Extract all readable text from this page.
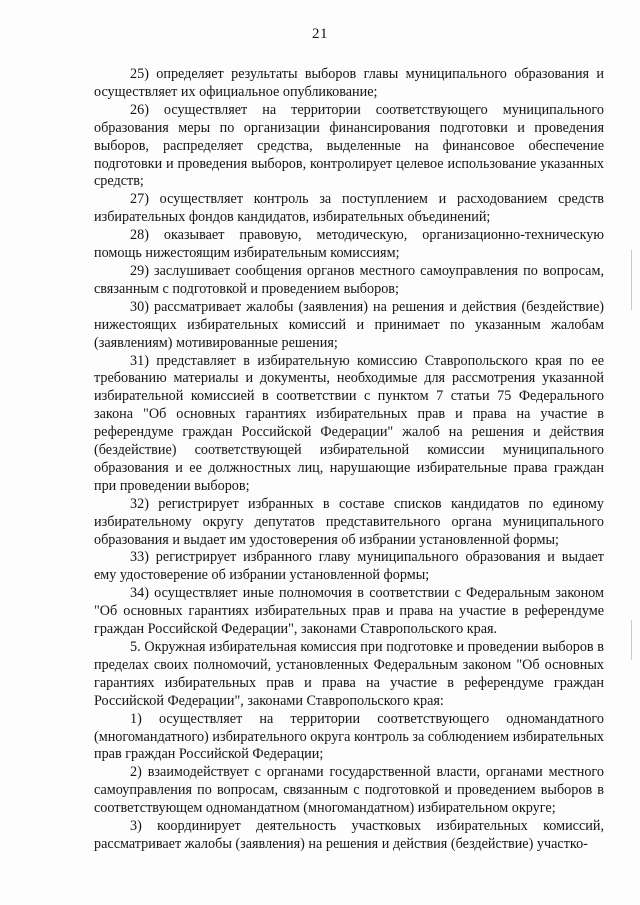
21

25) определяет результаты выборов главы муниципального образования и осуществляет их официальное опубликование;

26) осуществляет на территории соответствующего муниципального образования меры по организации финансирования подготовки и проведения выборов, распределяет средства, выделенные на финансовое обеспечение подготовки и проведения выборов, контролирует целевое использование указанных средств;

27) осуществляет контроль за поступлением и расходованием средств избирательных фондов кандидатов, избирательных объединений;

28) оказывает правовую, методическую, организационно-техническую помощь нижестоящим избирательным комиссиям;

29) заслушивает сообщения органов местного самоуправления по вопросам, связанным с подготовкой и проведением выборов;

30) рассматривает жалобы (заявления) на решения и действия (бездействие) нижестоящих избирательных комиссий и принимает по указанным жалобам (заявлениям) мотивированные решения;

31) представляет в избирательную комиссию Ставропольского края по ее требованию материалы и документы, необходимые для рассмотрения указанной избирательной комиссией в соответствии с пунктом 7 статьи 75 Федерального закона "Об основных гарантиях избирательных прав и права на участие в референдуме граждан Российской Федерации" жалоб на решения и действия (бездействие) соответствующей избирательной комиссии муниципального образования и ее должностных лиц, нарушающие избирательные права граждан при проведении выборов;

32) регистрирует избранных в составе списков кандидатов по единому избирательному округу депутатов представительного органа муниципального образования и выдает им удостоверения об избрании установленной формы;

33) регистрирует избранного главу муниципального образования и выдает ему удостоверение об избрании установленной формы;

34) осуществляет иные полномочия в соответствии с Федеральным законом "Об основных гарантиях избирательных прав и права на участие в референдуме граждан Российской Федерации", законами Ставропольского края.

5. Окружная избирательная комиссия при подготовке и проведении выборов в пределах своих полномочий, установленных Федеральным законом "Об основных гарантиях избирательных прав и права на участие в референдуме граждан Российской Федерации", законами Ставропольского края:

1) осуществляет на территории соответствующего одномандатного (многомандатного) избирательного округа контроль за соблюдением избирательных прав граждан Российской Федерации;

2) взаимодействует с органами государственной власти, органами местного самоуправления по вопросам, связанным с подготовкой и проведением выборов в соответствующем одномандатном (многомандатном) избирательном округе;

3) координирует деятельность участковых избирательных комиссий, рассматривает жалобы (заявления) на решения и действия (бездействие) участко-
